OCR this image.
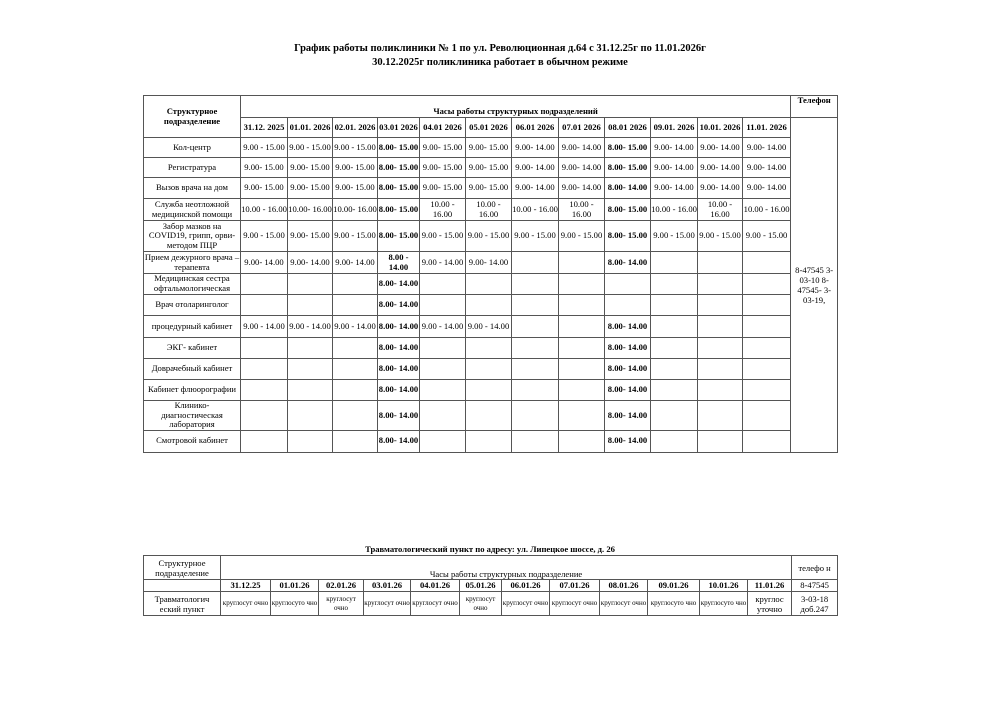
График работы поликлиники № 1 по ул. Революционная д.64 с 31.12.25г по 11.01.2026г
30.12.2025г поликлиника работает в обычном режиме
Структурное подразделение	Часы работы структурных подразделений												Телефон
	31.12. 2025	01.01. 2026	02.01. 2026	03.01 2026	04.01 2026	05.01 2026	06.01 2026	07.01 2026	08.01 2026	09.01. 2026	10.01. 2026	11.01. 2026	8-47545 3-03-10 8-47545- 3-03-19,
Кол-центр	9.00 - 15.00	9.00 - 15.00	9.00 - 15.00	8.00- 15.00	9.00- 15.00	9.00- 15.00	9.00- 14.00	9.00- 14.00	8.00- 15.00	9.00- 14.00	9.00- 14.00	9.00- 14.00	
Регистратура	9.00- 15.00	9.00- 15.00	9.00- 15.00	8.00- 15.00	9.00- 15.00	9.00- 15.00	9.00- 14.00	9.00- 14.00	8.00- 15.00	9.00- 14.00	9.00- 14.00	9.00- 14.00	
Вызов врача на дом	9.00- 15.00	9.00- 15.00	9.00- 15.00	8.00- 15.00	9.00- 15.00	9.00- 15.00	9.00- 14.00	9.00- 14.00	8.00- 14.00	9.00- 14.00	9.00- 14.00	9.00- 14.00	
Служба неотложной медицинской помощи	10.00 - 16.00	10.00- 16.00	10.00- 16.00	8.00- 15.00	10.00 - 16.00	10.00 - 16.00	10.00 - 16.00	10.00 - 16.00	8.00- 15.00	10.00 - 16.00	10.00 - 16.00	10.00 - 16.00	
Забор мазков на COVID19, грипп, орви- методом ПЦР	9.00 - 15.00	9.00- 15.00	9.00 - 15.00	8.00- 15.00	9.00 - 15.00	9.00 - 15.00	9.00 - 15.00	9.00 - 15.00	8.00- 15.00	9.00 - 15.00	9.00 - 15.00	9.00 - 15.00	
Прием дежурного врача – терапевта	9.00- 14.00	9.00- 14.00	9.00- 14.00	8.00 - 14.00	9.00 - 14.00	9.00- 14.00			8.00- 14.00				
Медицинская сестра офтальмологическая				8.00- 14.00									
Врач отоларинголог				8.00- 14.00									
процедурный кабинет	9.00 - 14.00	9.00 - 14.00	9.00 - 14.00	8.00- 14.00	9.00 - 14.00	9.00 - 14.00			8.00- 14.00				
ЭКГ- кабинет				8.00- 14.00					8.00- 14.00				
Доврачебный кабинет				8.00- 14.00					8.00- 14.00				
Кабинет флюорографии				8.00- 14.00					8.00- 14.00				
Клинико- диагностическая лаборатория				8.00- 14.00					8.00- 14.00				
Смотровой кабинет				8.00- 14.00					8.00- 14.00				
Травматологический пункт по адресу: ул. Липецкое шоссе, д. 26
Структурное подразделение	Часы работы структурных подразделение												телефо н
	31.12.25	01.01.26	02.01.26	03.01.26	04.01.26	05.01.26	06.01.26	07.01.26	08.01.26	09.01.26	10.01.26	11.01.26	8-47545
Травматологич еский пункт	круглосут очно	круглосуто чно	круглосут очно	круглосут очно	круглосут очно	круглосут очно	круглосут очно	круглосут очно	круглосут очно	круглосуто чно	круглосуто чно	круглос уточно	3-03-18 доб.247
